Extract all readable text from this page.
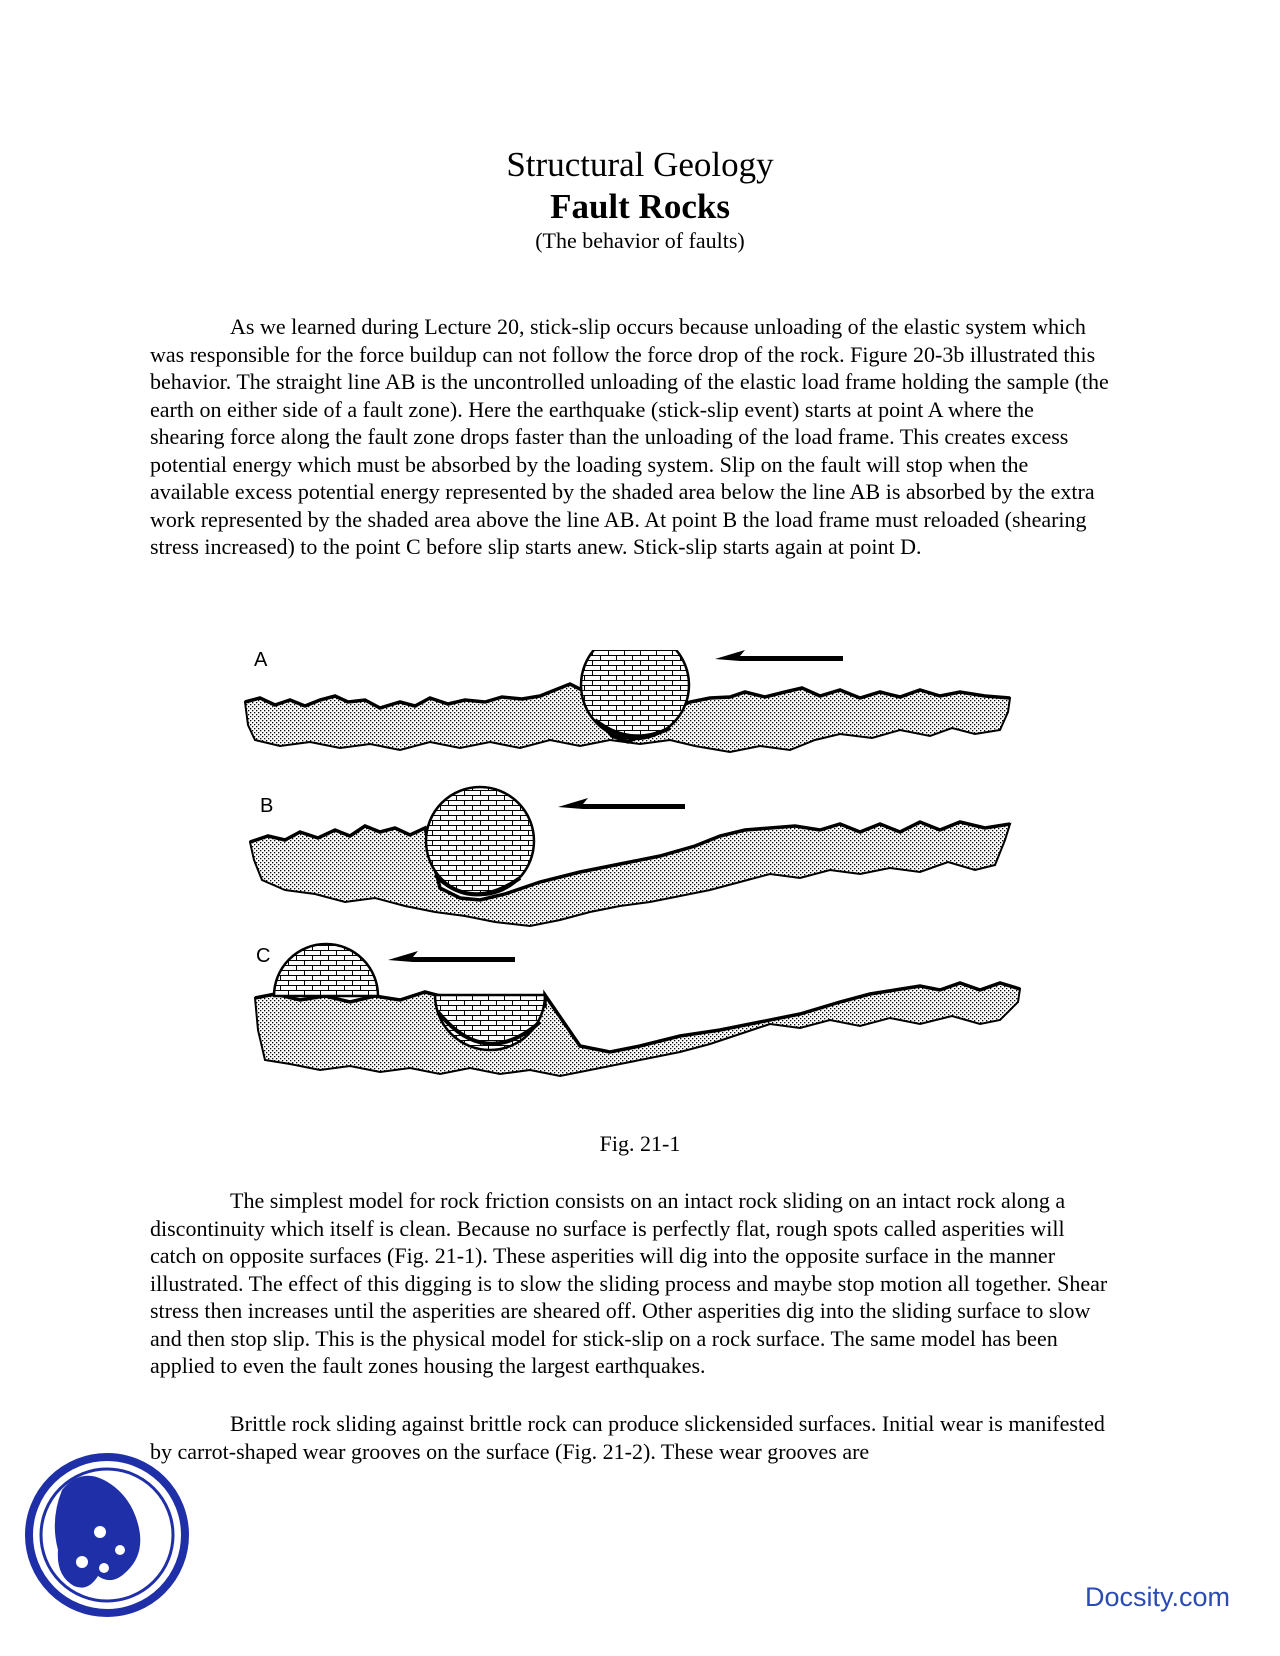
Structural Geology
Fault Rocks
(The behavior of faults)

As we learned during Lecture 20, stick-slip occurs because unloading of the elastic system which was responsible for the force buildup can not follow the force drop of the rock. Figure 20-3b illustrated this behavior. The straight line AB is the uncontrolled unloading of the elastic load frame holding the sample (the earth on either side of a fault zone). Here the earthquake (stick-slip event) starts at point A where the shearing force along the fault zone drops faster than the unloading of the load frame. This creates excess potential energy which must be absorbed by the loading system. Slip on the fault will stop when the available excess potential energy represented by the shaded area below the line AB is absorbed by the extra work represented by the shaded area above the line AB. At point B the load frame must reloaded (shearing stress increased) to the point C before slip starts anew. Stick-slip starts again at point D.

A
B
C
Fig. 21-1

The simplest model for rock friction consists on an intact rock sliding on an intact rock along a discontinuity which itself is clean. Because no surface is perfectly flat, rough spots called asperities will catch on opposite surfaces (Fig. 21-1). These asperities will dig into the opposite surface in the manner illustrated. The effect of this digging is to slow the sliding process and maybe stop motion all together. Shear stress then increases until the asperities are sheared off. Other asperities dig into the sliding surface to slow and then stop slip. This is the physical model for stick-slip on a rock surface. The same model has been applied to even the fault zones housing the largest earthquakes.

Brittle rock sliding against brittle rock can produce slickensided surfaces. Initial wear is manifested by carrot-shaped wear grooves on the surface (Fig. 21-2). These wear grooves are

Docsity.com
